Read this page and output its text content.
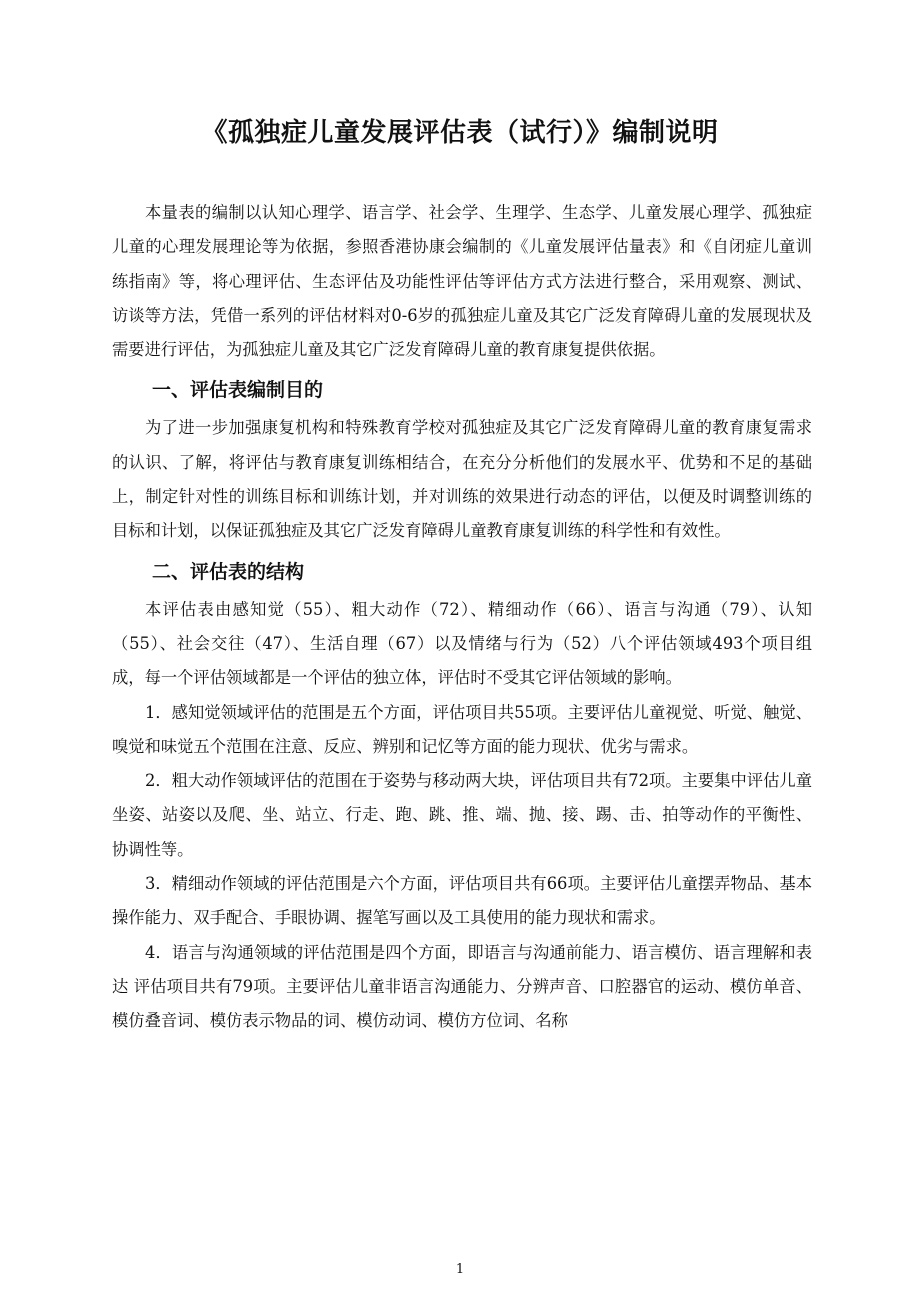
《孤独症儿童发展评估表（试行）》编制说明

本量表的编制以认知心理学、语言学、社会学、生理学、生态学、儿童发展心理学、孤独症儿童的心理发展理论等为依据，参照香港协康会编制的《儿童发展评估量表》和《自闭症儿童训练指南》等，将心理评估、生态评估及功能性评估等评估方式方法进行整合，采用观察、测试、访谈等方法，凭借一系列的评估材料对0-6岁的孤独症儿童及其它广泛发育障碍儿童的发展现状及需要进行评估，为孤独症儿童及其它广泛发育障碍儿童的教育康复提供依据。

一、评估表编制目的

为了进一步加强康复机构和特殊教育学校对孤独症及其它广泛发育障碍儿童的教育康复需求的认识、了解，将评估与教育康复训练相结合，在充分分析他们的发展水平、优势和不足的基础上，制定针对性的训练目标和训练计划，并对训练的效果进行动态的评估，以便及时调整训练的目标和计划，以保证孤独症及其它广泛发育障碍儿童教育康复训练的科学性和有效性。

二、评估表的结构

本评估表由感知觉（55）、粗大动作（72）、精细动作（66）、语言与沟通（79）、认知（55）、社会交往（47）、生活自理（67）以及情绪与行为（52）八个评估领域493个项目组成，每一个评估领域都是一个评估的独立体，评估时不受其它评估领域的影响。

1．感知觉领域评估的范围是五个方面，评估项目共55项。主要评估儿童视觉、听觉、触觉、嗅觉和味觉五个范围在注意、反应、辨别和记忆等方面的能力现状、优劣与需求。

2．粗大动作领域评估的范围在于姿势与移动两大块，评估项目共有72项。主要集中评估儿童坐姿、站姿以及爬、坐、站立、行走、跑、跳、推、端、抛、接、踢、击、拍等动作的平衡性、协调性等。

3．精细动作领域的评估范围是六个方面，评估项目共有66项。主要评估儿童摆弄物品、基本操作能力、双手配合、手眼协调、握笔写画以及工具使用的能力现状和需求。

4．语言与沟通领域的评估范围是四个方面，即语言与沟通前能力、语言模仿、语言理解和表达 评估项目共有79项。主要评估儿童非语言沟通能力、分辨声音、口腔器官的运动、模仿单音、模仿叠音词、模仿表示物品的词、模仿动词、模仿方位词、名称

1
